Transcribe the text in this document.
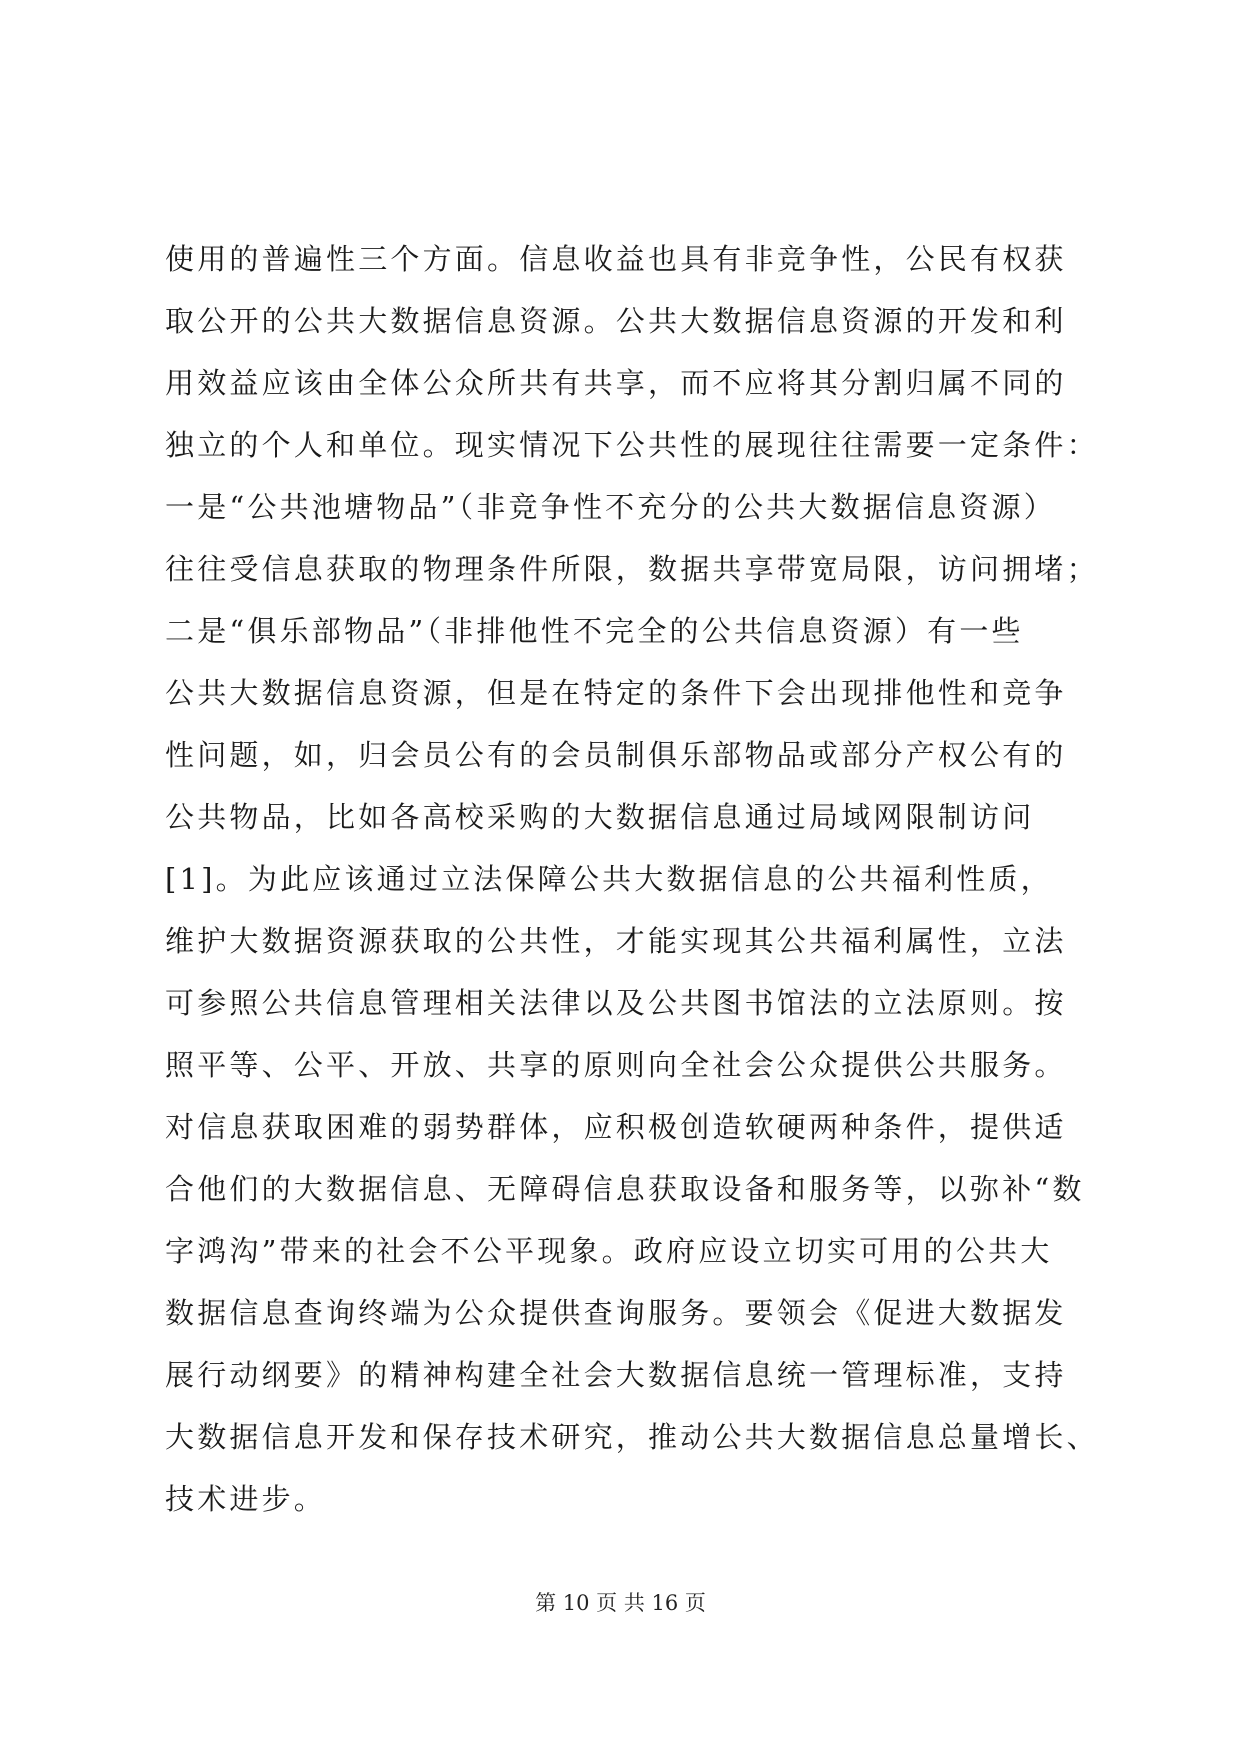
使用的普遍性三个方面。信息收益也具有非竞争性，公民有权获
取公开的公共大数据信息资源。公共大数据信息资源的开发和利
用效益应该由全体公众所共有共享，而不应将其分割归属不同的
独立的个人和单位。现实情况下公共性的展现往往需要一定条件：
一是“公共池塘物品”（非竞争性不充分的公共大数据信息资源）
往往受信息获取的物理条件所限，数据共享带宽局限，访问拥堵；
二是“俱乐部物品”（非排他性不完全的公共信息资源）有一些
公共大数据信息资源，但是在特定的条件下会出现排他性和竞争
性问题，如，归会员公有的会员制俱乐部物品或部分产权公有的
公共物品，比如各高校采购的大数据信息通过局域网限制访问
[1]。为此应该通过立法保障公共大数据信息的公共福利性质，
维护大数据资源获取的公共性，才能实现其公共福利属性，立法
可参照公共信息管理相关法律以及公共图书馆法的立法原则。按
照平等、公平、开放、共享的原则向全社会公众提供公共服务。
对信息获取困难的弱势群体，应积极创造软硬两种条件，提供适
合他们的大数据信息、无障碍信息获取设备和服务等，以弥补“数
字鸿沟”带来的社会不公平现象。政府应设立切实可用的公共大
数据信息查询终端为公众提供查询服务。要领会《促进大数据发
展行动纲要》的精神构建全社会大数据信息统一管理标准，支持
大数据信息开发和保存技术研究，推动公共大数据信息总量增长、
技术进步。
第 10 页 共 16 页
